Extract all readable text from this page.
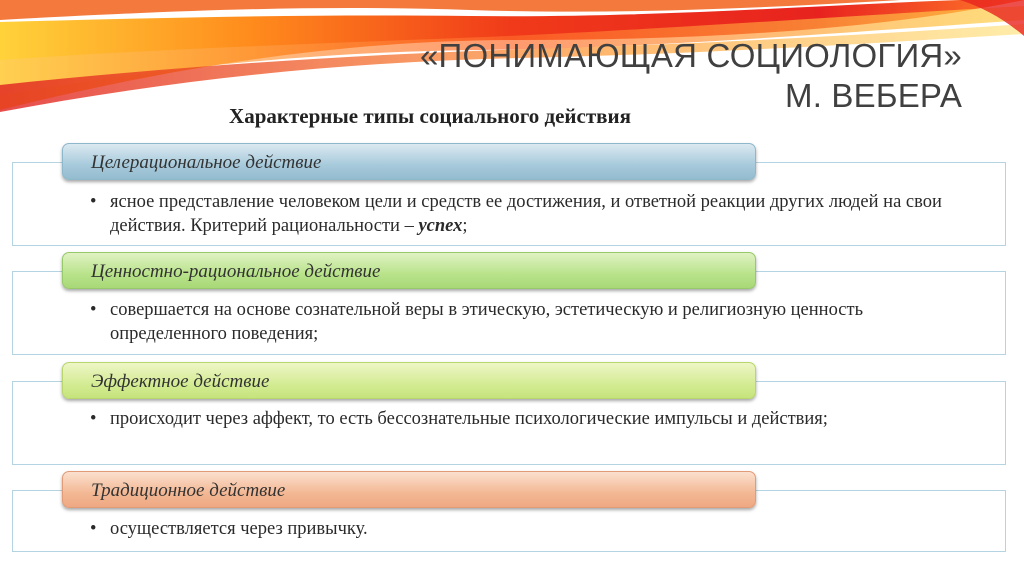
«ПОНИМАЮЩАЯ СОЦИОЛОГИЯ»
М. ВЕБЕРА
Характерные типы социального действия
Целерациональное действие
• ясное представление человеком цели и средств ее достижения, и ответной реакции других людей на свои действия. Критерий рациональности – успех;
Ценностно-рациональное действие
• совершается на основе сознательной веры в этическую, эстетическую и религиозную ценность определенного поведения;
Эффектное действие
• происходит через аффект, то есть бессознательные психологические импульсы и действия;
Традиционное действие
• осуществляется через привычку.
